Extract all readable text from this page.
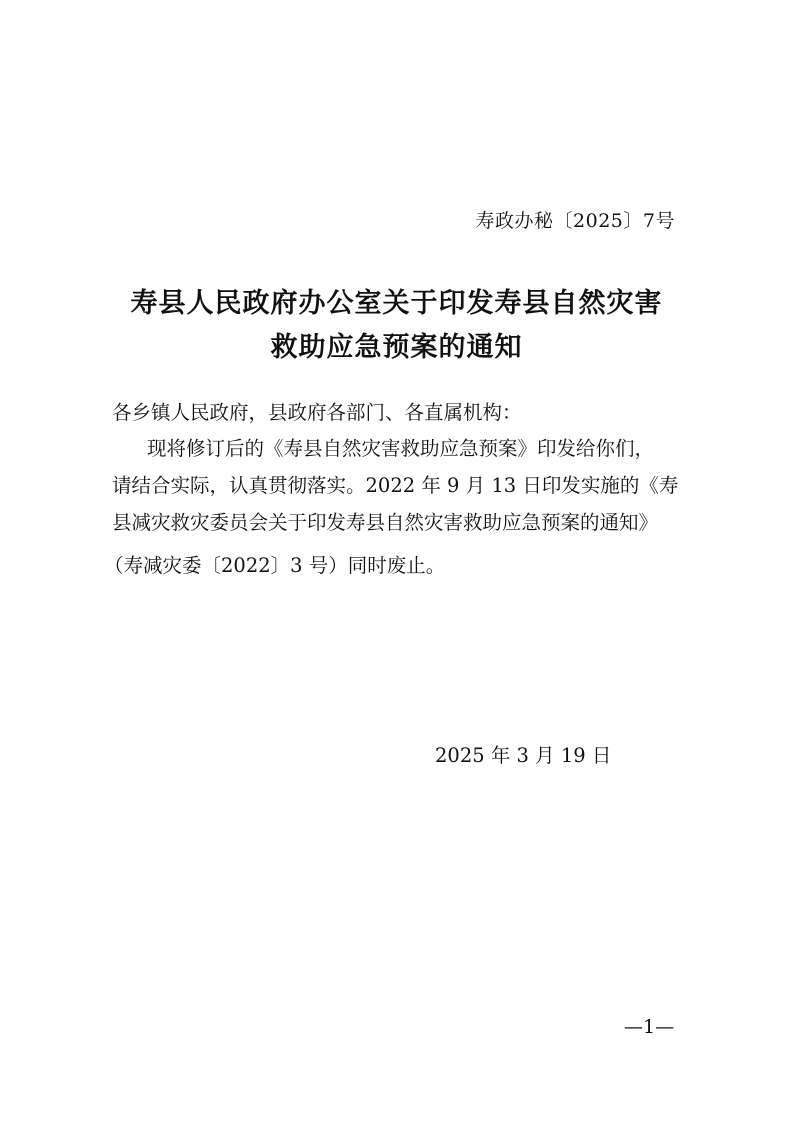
寿政办秘〔2025〕7号
寿县人民政府办公室关于印发寿县自然灾害
救助应急预案的通知
各乡镇人民政府，县政府各部门、各直属机构：
现将修订后的《寿县自然灾害救助应急预案》印发给你们，
请结合实际，认真贯彻落实。2022 年 9 月 13 日印发实施的《寿
县减灾救灾委员会关于印发寿县自然灾害救助应急预案的通知》
（寿减灾委〔2022〕3 号）同时废止。
2025 年 3 月 19 日
—1—
